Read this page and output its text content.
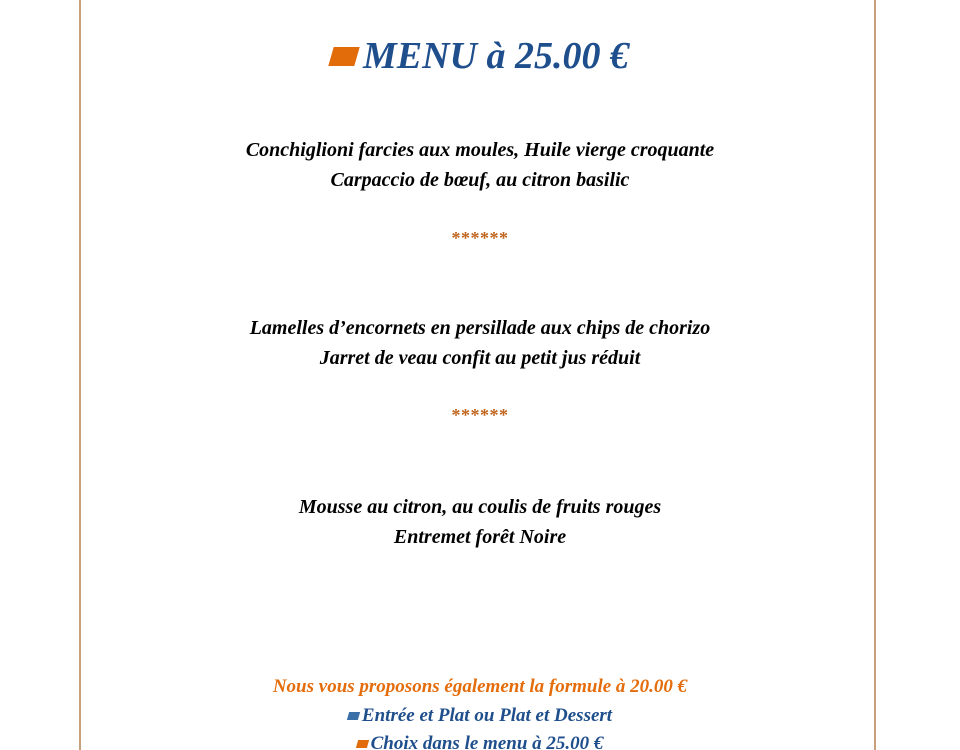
MENU à 25.00 €
Conchiglioni farcies aux moules, Huile vierge croquante
Carpaccio de bœuf, au citron basilic
******
Lamelles d’encornets en persillade aux chips de chorizo
Jarret de veau confit au petit jus réduit
******
Mousse au citron, au coulis de fruits rouges
Entremet forêt Noire
Nous vous proposons également la formule à 20.00 €
Entrée et Plat ou Plat et Dessert
Choix dans le menu à 25.00 €
